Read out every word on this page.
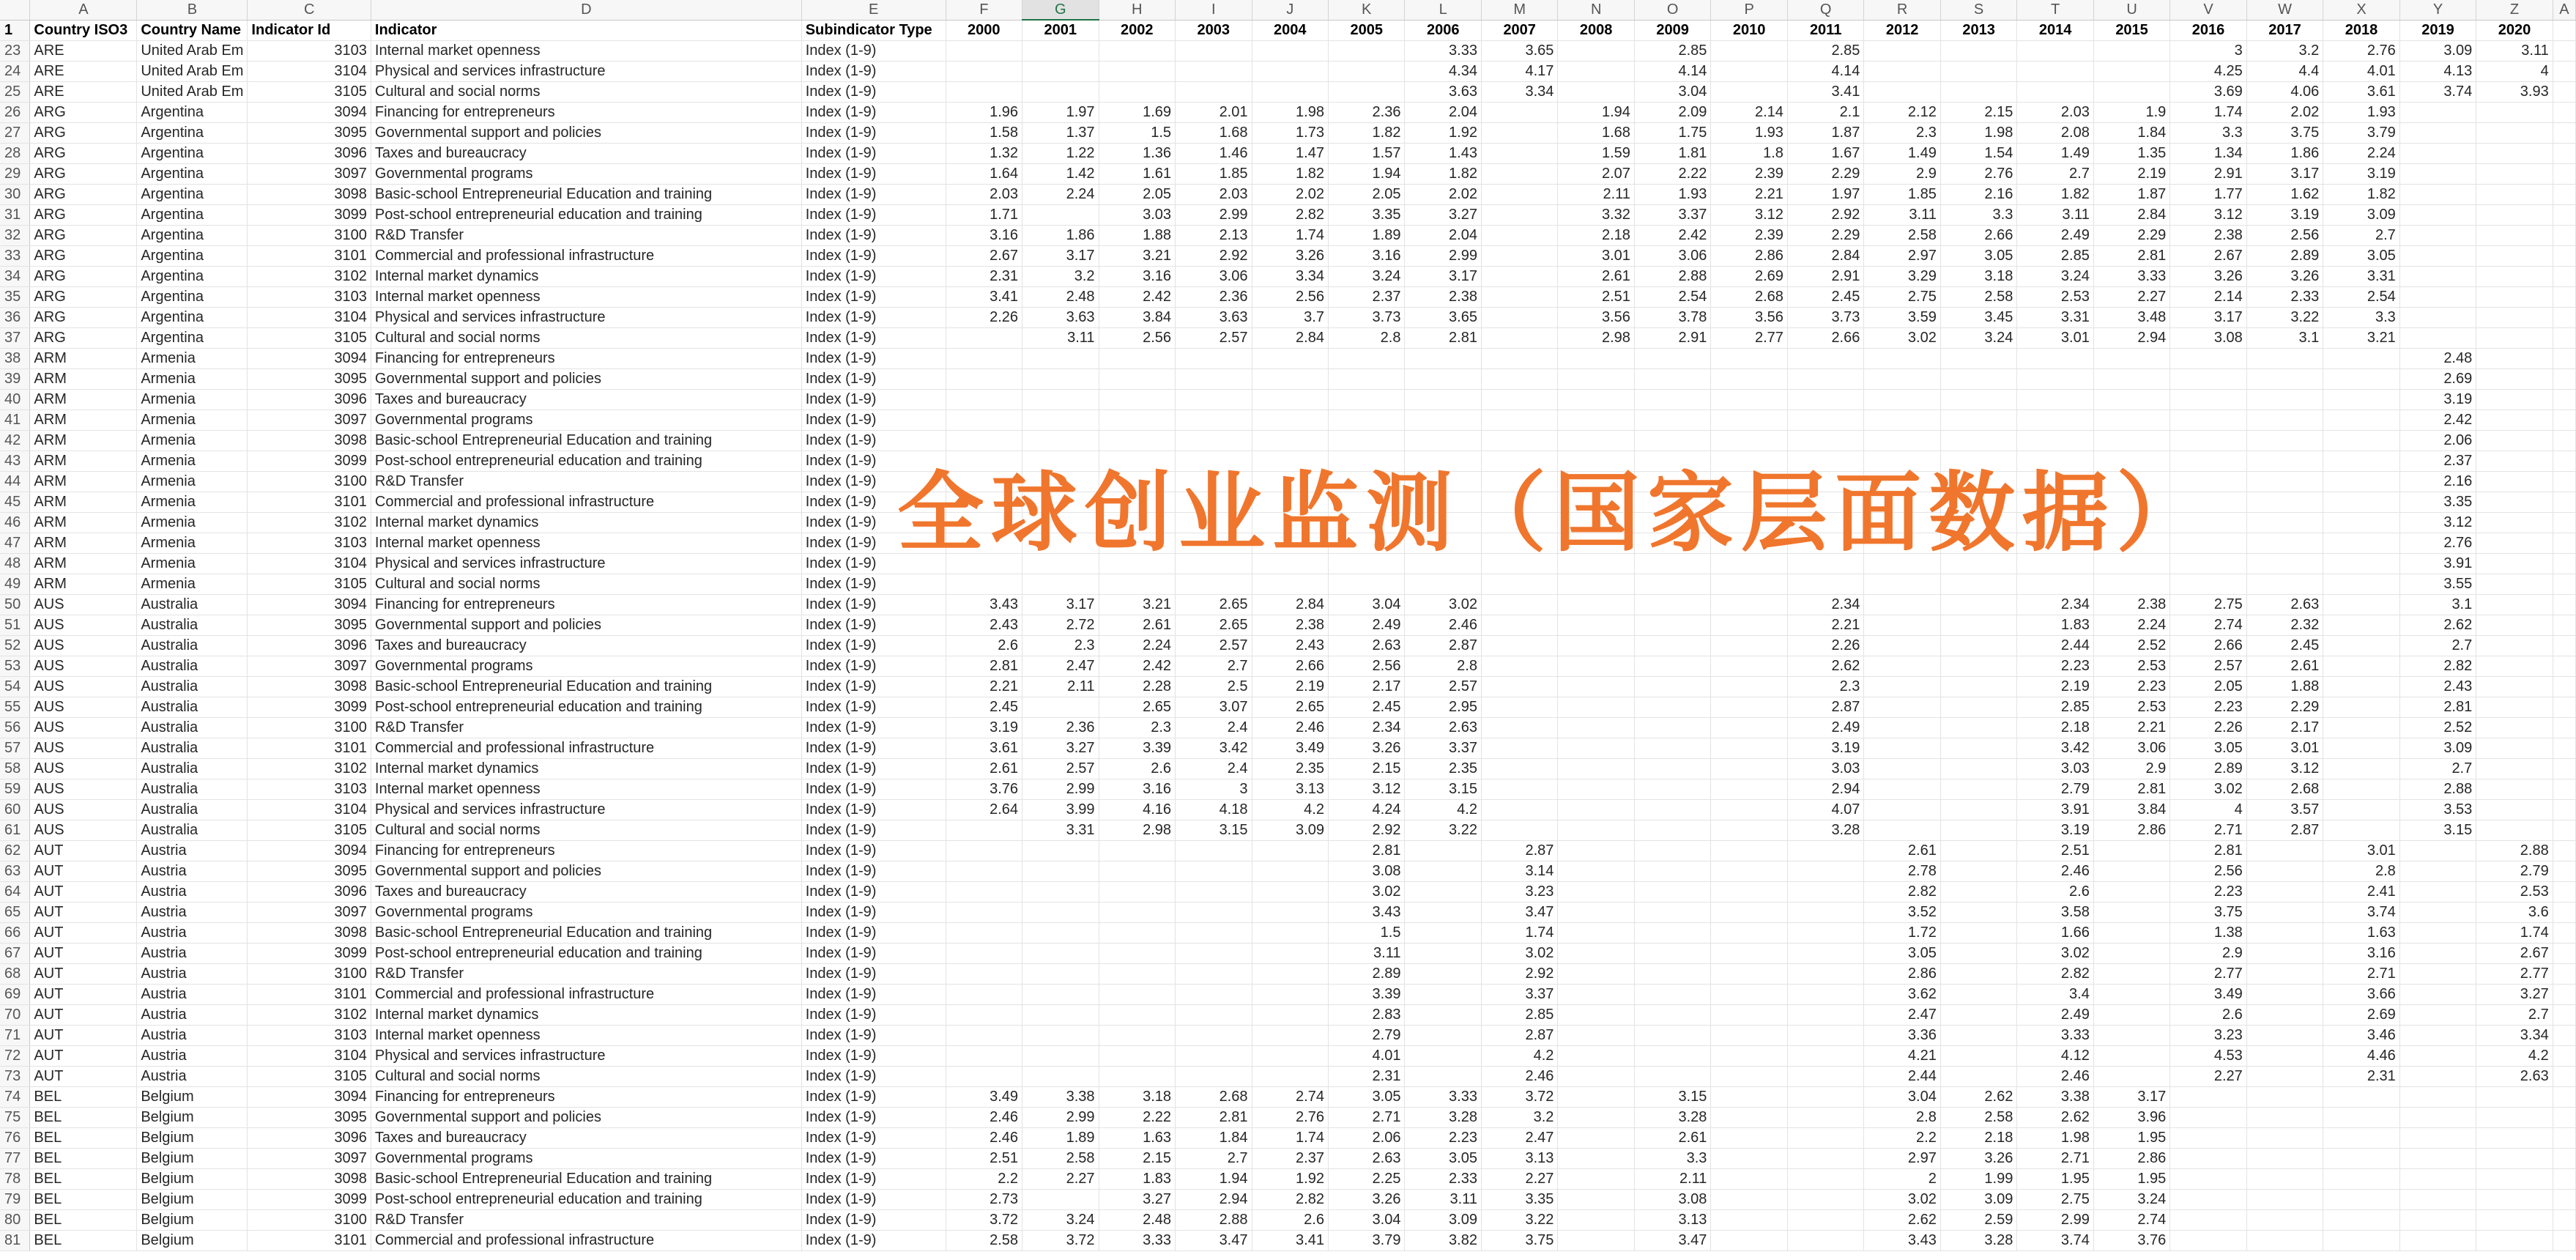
	A	B	C	D	E	F	G	H	I	J	K	L	M	N	O	P	Q	R	S	T	U	V	W	X	Y	Z	A
1	Country ISO3	Country Name	Indicator Id	Indicator	Subindicator Type	2000	2001	2002	2003	2004	2005	2006	2007	2008	2009	2010	2011	2012	2013	2014	2015	2016	2017	2018	2019	2020	
23	ARE	United Arab Em	3103	Internal market openness	Index (1-9)							3.33	3.65		2.85		2.85					3	3.2	2.76	3.09	3.11	
24	ARE	United Arab Em	3104	Physical and services infrastructure	Index (1-9)							4.34	4.17		4.14		4.14					4.25	4.4	4.01	4.13	4	
25	ARE	United Arab Em	3105	Cultural and social norms	Index (1-9)							3.63	3.34		3.04		3.41					3.69	4.06	3.61	3.74	3.93	
26	ARG	Argentina	3094	Financing for entrepreneurs	Index (1-9)	1.96	1.97	1.69	2.01	1.98	2.36	2.04		1.94	2.09	2.14	2.1	2.12	2.15	2.03	1.9	1.74	2.02	1.93			
27	ARG	Argentina	3095	Governmental support and policies	Index (1-9)	1.58	1.37	1.5	1.68	1.73	1.82	1.92		1.68	1.75	1.93	1.87	2.3	1.98	2.08	1.84	3.3	3.75	3.79			
28	ARG	Argentina	3096	Taxes and bureaucracy	Index (1-9)	1.32	1.22	1.36	1.46	1.47	1.57	1.43		1.59	1.81	1.8	1.67	1.49	1.54	1.49	1.35	1.34	1.86	2.24			
29	ARG	Argentina	3097	Governmental programs	Index (1-9)	1.64	1.42	1.61	1.85	1.82	1.94	1.82		2.07	2.22	2.39	2.29	2.9	2.76	2.7	2.19	2.91	3.17	3.19			
30	ARG	Argentina	3098	Basic-school Entrepreneurial Education and training	Index (1-9)	2.03	2.24	2.05	2.03	2.02	2.05	2.02		2.11	1.93	2.21	1.97	1.85	2.16	1.82	1.87	1.77	1.62	1.82			
31	ARG	Argentina	3099	Post-school entrepreneurial education and training	Index (1-9)	1.71		3.03	2.99	2.82	3.35	3.27		3.32	3.37	3.12	2.92	3.11	3.3	3.11	2.84	3.12	3.19	3.09			
32	ARG	Argentina	3100	R&D Transfer	Index (1-9)	3.16	1.86	1.88	2.13	1.74	1.89	2.04		2.18	2.42	2.39	2.29	2.58	2.66	2.49	2.29	2.38	2.56	2.7			
33	ARG	Argentina	3101	Commercial and professional infrastructure	Index (1-9)	2.67	3.17	3.21	2.92	3.26	3.16	2.99		3.01	3.06	2.86	2.84	2.97	3.05	2.85	2.81	2.67	2.89	3.05			
34	ARG	Argentina	3102	Internal market dynamics	Index (1-9)	2.31	3.2	3.16	3.06	3.34	3.24	3.17		2.61	2.88	2.69	2.91	3.29	3.18	3.24	3.33	3.26	3.26	3.31			
35	ARG	Argentina	3103	Internal market openness	Index (1-9)	3.41	2.48	2.42	2.36	2.56	2.37	2.38		2.51	2.54	2.68	2.45	2.75	2.58	2.53	2.27	2.14	2.33	2.54			
36	ARG	Argentina	3104	Physical and services infrastructure	Index (1-9)	2.26	3.63	3.84	3.63	3.7	3.73	3.65		3.56	3.78	3.56	3.73	3.59	3.45	3.31	3.48	3.17	3.22	3.3			
37	ARG	Argentina	3105	Cultural and social norms	Index (1-9)		3.11	2.56	2.57	2.84	2.8	2.81		2.98	2.91	2.77	2.66	3.02	3.24	3.01	2.94	3.08	3.1	3.21			
38	ARM	Armenia	3094	Financing for entrepreneurs	Index (1-9)																				2.48		
39	ARM	Armenia	3095	Governmental support and policies	Index (1-9)																				2.69		
40	ARM	Armenia	3096	Taxes and bureaucracy	Index (1-9)																				3.19		
41	ARM	Armenia	3097	Governmental programs	Index (1-9)																				2.42		
42	ARM	Armenia	3098	Basic-school Entrepreneurial Education and training	Index (1-9)																				2.06		
43	ARM	Armenia	3099	Post-school entrepreneurial education and training	Index (1-9)																				2.37		
44	ARM	Armenia	3100	R&D Transfer	Index (1-9)																				2.16		
45	ARM	Armenia	3101	Commercial and professional infrastructure	Index (1-9)																				3.35		
46	ARM	Armenia	3102	Internal market dynamics	Index (1-9)																				3.12		
47	ARM	Armenia	3103	Internal market openness	Index (1-9)																				2.76		
48	ARM	Armenia	3104	Physical and services infrastructure	Index (1-9)																				3.91		
49	ARM	Armenia	3105	Cultural and social norms	Index (1-9)																				3.55		
50	AUS	Australia	3094	Financing for entrepreneurs	Index (1-9)	3.43	3.17	3.21	2.65	2.84	3.04	3.02					2.34			2.34	2.38	2.75	2.63		3.1		
51	AUS	Australia	3095	Governmental support and policies	Index (1-9)	2.43	2.72	2.61	2.65	2.38	2.49	2.46					2.21			1.83	2.24	2.74	2.32		2.62		
52	AUS	Australia	3096	Taxes and bureaucracy	Index (1-9)	2.6	2.3	2.24	2.57	2.43	2.63	2.87					2.26			2.44	2.52	2.66	2.45		2.7		
53	AUS	Australia	3097	Governmental programs	Index (1-9)	2.81	2.47	2.42	2.7	2.66	2.56	2.8					2.62			2.23	2.53	2.57	2.61		2.82		
54	AUS	Australia	3098	Basic-school Entrepreneurial Education and training	Index (1-9)	2.21	2.11	2.28	2.5	2.19	2.17	2.57					2.3			2.19	2.23	2.05	1.88		2.43		
55	AUS	Australia	3099	Post-school entrepreneurial education and training	Index (1-9)	2.45		2.65	3.07	2.65	2.45	2.95					2.87			2.85	2.53	2.23	2.29		2.81		
56	AUS	Australia	3100	R&D Transfer	Index (1-9)	3.19	2.36	2.3	2.4	2.46	2.34	2.63					2.49			2.18	2.21	2.26	2.17		2.52		
57	AUS	Australia	3101	Commercial and professional infrastructure	Index (1-9)	3.61	3.27	3.39	3.42	3.49	3.26	3.37					3.19			3.42	3.06	3.05	3.01		3.09		
58	AUS	Australia	3102	Internal market dynamics	Index (1-9)	2.61	2.57	2.6	2.4	2.35	2.15	2.35					3.03			3.03	2.9	2.89	3.12		2.7		
59	AUS	Australia	3103	Internal market openness	Index (1-9)	3.76	2.99	3.16	3	3.13	3.12	3.15					2.94			2.79	2.81	3.02	2.68		2.88		
60	AUS	Australia	3104	Physical and services infrastructure	Index (1-9)	2.64	3.99	4.16	4.18	4.2	4.24	4.2					4.07			3.91	3.84	4	3.57		3.53		
61	AUS	Australia	3105	Cultural and social norms	Index (1-9)		3.31	2.98	3.15	3.09	2.92	3.22					3.28			3.19	2.86	2.71	2.87		3.15		
62	AUT	Austria	3094	Financing for entrepreneurs	Index (1-9)						2.81		2.87					2.61		2.51		2.81		3.01		2.88	
63	AUT	Austria	3095	Governmental support and policies	Index (1-9)						3.08		3.14					2.78		2.46		2.56		2.8		2.79	
64	AUT	Austria	3096	Taxes and bureaucracy	Index (1-9)						3.02		3.23					2.82		2.6		2.23		2.41		2.53	
65	AUT	Austria	3097	Governmental programs	Index (1-9)						3.43		3.47					3.52		3.58		3.75		3.74		3.6	
66	AUT	Austria	3098	Basic-school Entrepreneurial Education and training	Index (1-9)						1.5		1.74					1.72		1.66		1.38		1.63		1.74	
67	AUT	Austria	3099	Post-school entrepreneurial education and training	Index (1-9)						3.11		3.02					3.05		3.02		2.9		3.16		2.67	
68	AUT	Austria	3100	R&D Transfer	Index (1-9)						2.89		2.92					2.86		2.82		2.77		2.71		2.77	
69	AUT	Austria	3101	Commercial and professional infrastructure	Index (1-9)						3.39		3.37					3.62		3.4		3.49		3.66		3.27	
70	AUT	Austria	3102	Internal market dynamics	Index (1-9)						2.83		2.85					2.47		2.49		2.6		2.69		2.7	
71	AUT	Austria	3103	Internal market openness	Index (1-9)						2.79		2.87					3.36		3.33		3.23		3.46		3.34	
72	AUT	Austria	3104	Physical and services infrastructure	Index (1-9)						4.01		4.2					4.21		4.12		4.53		4.46		4.2	
73	AUT	Austria	3105	Cultural and social norms	Index (1-9)						2.31		2.46					2.44		2.46		2.27		2.31		2.63	
74	BEL	Belgium	3094	Financing for entrepreneurs	Index (1-9)	3.49	3.38	3.18	2.68	2.74	3.05	3.33	3.72		3.15			3.04	2.62	3.38	3.17						
75	BEL	Belgium	3095	Governmental support and policies	Index (1-9)	2.46	2.99	2.22	2.81	2.76	2.71	3.28	3.2		3.28			2.8	2.58	2.62	3.96						
76	BEL	Belgium	3096	Taxes and bureaucracy	Index (1-9)	2.46	1.89	1.63	1.84	1.74	2.06	2.23	2.47		2.61			2.2	2.18	1.98	1.95						
77	BEL	Belgium	3097	Governmental programs	Index (1-9)	2.51	2.58	2.15	2.7	2.37	2.63	3.05	3.13		3.3			2.97	3.26	2.71	2.86						
78	BEL	Belgium	3098	Basic-school Entrepreneurial Education and training	Index (1-9)	2.2	2.27	1.83	1.94	1.92	2.25	2.33	2.27		2.11			2	1.99	1.95	1.95						
79	BEL	Belgium	3099	Post-school entrepreneurial education and training	Index (1-9)	2.73		3.27	2.94	2.82	3.26	3.11	3.35		3.08			3.02	3.09	2.75	3.24						
80	BEL	Belgium	3100	R&D Transfer	Index (1-9)	3.72	3.24	2.48	2.88	2.6	3.04	3.09	3.22		3.13			2.62	2.59	2.99	2.74						
81	BEL	Belgium	3101	Commercial and professional infrastructure	Index (1-9)	2.58	3.72	3.33	3.47	3.41	3.79	3.82	3.75		3.47			3.43	3.28	3.74	3.76						
全球创业监测（国家层面数据）
